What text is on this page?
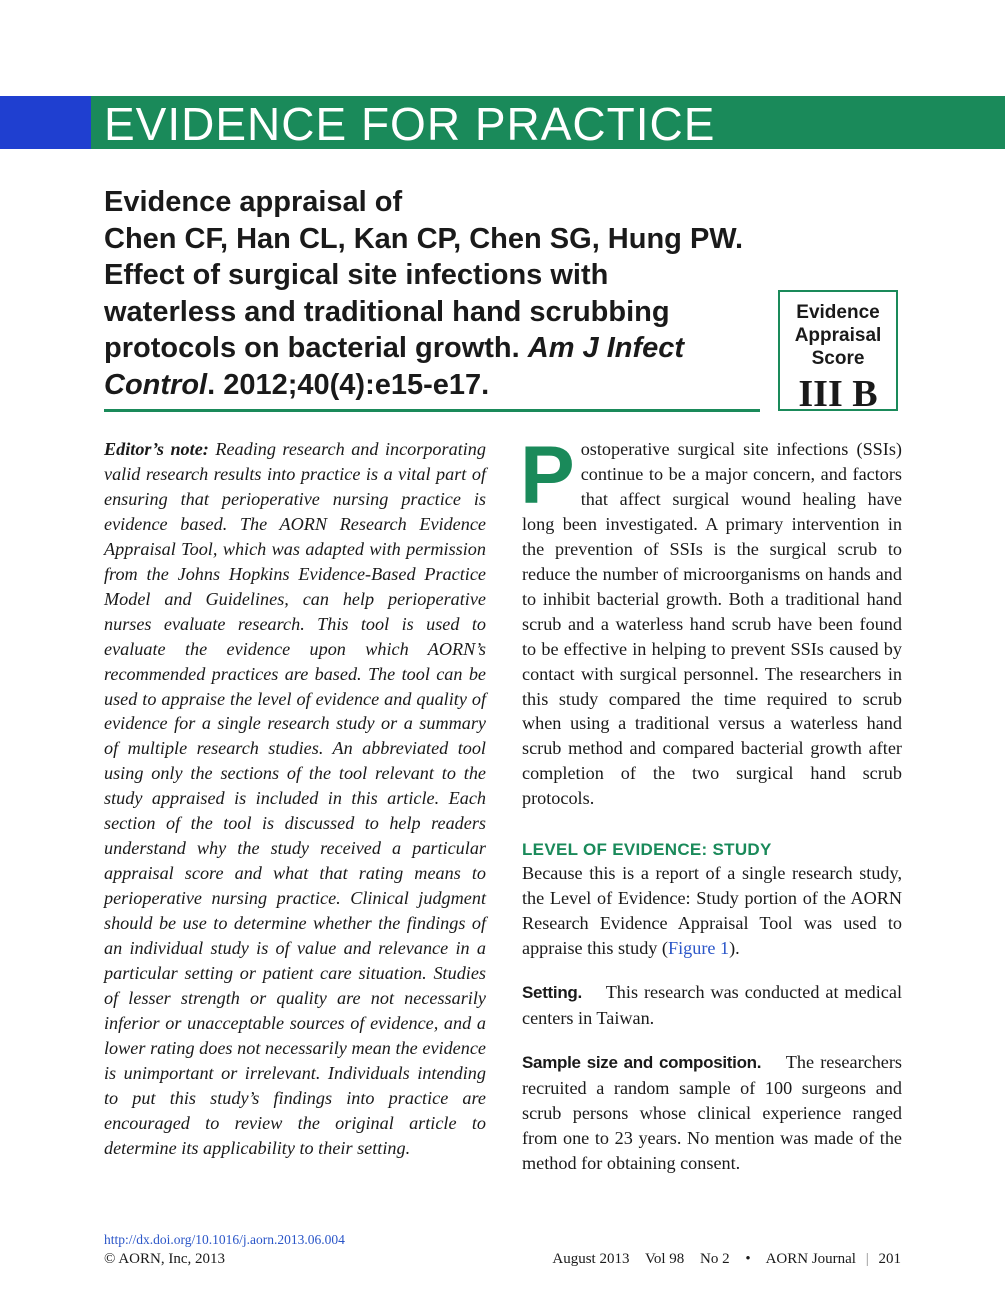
EVIDENCE FOR PRACTICE
Evidence appraisal of
Chen CF, Han CL, Kan CP, Chen SG, Hung PW.
Effect of surgical site infections with
waterless and traditional hand scrubbing
protocols on bacterial growth. Am J Infect
Control. 2012;40(4):e15-e17.
Evidence
Appraisal
Score
III B
Editor’s note: Reading research and incorporating valid research results into practice is a vital part of ensuring that perioperative nursing practice is evidence based. The AORN Research Evidence Appraisal Tool, which was adapted with permission from the Johns Hopkins Evidence-Based Practice Model and Guidelines, can help perioperative nurses evaluate research. This tool is used to evaluate the evidence upon which AORN’s recommended practices are based. The tool can be used to appraise the level of evidence and quality of evidence for a single research study or a summary of multiple research studies. An abbreviated tool using only the sections of the tool relevant to the study appraised is included in this article. Each section of the tool is discussed to help readers understand why the study received a particular appraisal score and what that rating means to perioperative nursing practice. Clinical judgment should be use to determine whether the findings of an individual study is of value and relevance in a particular setting or patient care situation. Studies of lesser strength or quality are not necessarily inferior or unacceptable sources of evidence, and a lower rating does not necessarily mean the evidence is unimportant or irrelevant. Individuals intending to put this study’s findings into practice are encouraged to review the original article to determine its applicability to their setting.

Postoperative surgical site infections (SSIs) continue to be a major concern, and factors that affect surgical wound healing have long been investigated. A primary intervention in the prevention of SSIs is the surgical scrub to reduce the number of microorganisms on hands and to inhibit bacterial growth. Both a traditional hand scrub and a waterless hand scrub have been found to be effective in helping to prevent SSIs caused by contact with surgical personnel. The researchers in this study compared the time required to scrub when using a traditional versus a waterless hand scrub method and compared bacterial growth after completion of the two surgical hand scrub protocols.

LEVEL OF EVIDENCE: STUDY

Because this is a report of a single research study, the Level of Evidence: Study portion of the AORN Research Evidence Appraisal Tool was used to appraise this study (Figure 1).

Setting. This research was conducted at medical centers in Taiwan.

Sample size and composition. The researchers recruited a random sample of 100 surgeons and scrub persons whose clinical experience ranged from one to 23 years. No mention was made of the method for obtaining consent.

http://dx.doi.org/10.1016/j.aorn.2013.06.004
© AORN, Inc, 2013	August 2013 Vol 98 No 2 • AORN Journal | 201
